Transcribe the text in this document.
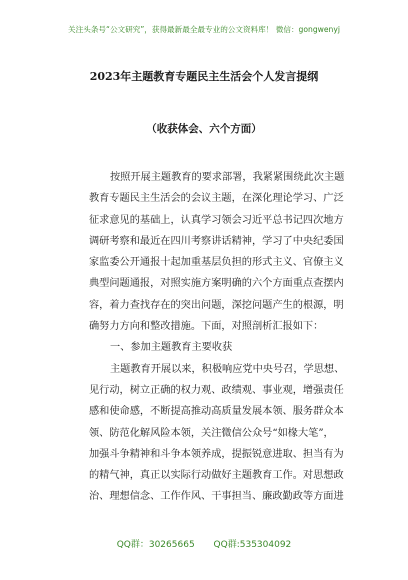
关注头条号“公文研究”，获得最新最全最专业的公文资料库！ 微信：gongwenyj
2023年主题教育专题民主生活会个人发言提纲
（收获体会、六个方面）

按照开展主题教育的要求部署，我紧紧围绕此次主题
教育专题民主生活会的会议主题，在深化理论学习、广泛
征求意见的基础上，认真学习领会习近平总书记四次地方
调研考察和最近在四川考察讲话精神，学习了中央纪委国
家监委公开通报十起加重基层负担的形式主义、官僚主义
典型问题通报，对照实施方案明确的六个方面重点查摆内
容，着力查找存在的突出问题，深挖问题产生的根源，明
确努力方向和整改措施。下面，对照剖析汇报如下：

一、参加主题教育主要收获

主题教育开展以来，积极响应党中央号召，学思想、
见行动，树立正确的权力观、政绩观、事业观，增强责任
感和使命感，不断提高推动高质量发展本领、服务群众本
领、防范化解风险本领，关注微信公众号“如椽大笔”，
加强斗争精神和斗争本领养成，提振锐意进取、担当有为
的精气神，真正以实际行动做好主题教育工作。对思想政
治、理想信念、工作作风、干事担当、廉政勤政等方面进

QQ群：30265665 QQ群:535304092
